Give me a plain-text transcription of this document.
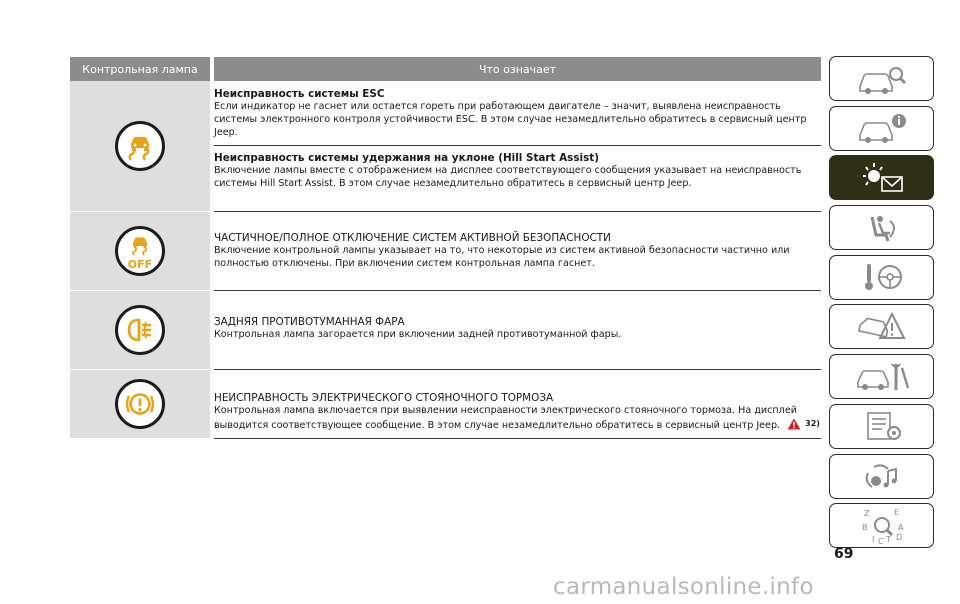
Контрольная лампа	Что означает
Неисправность системы ESC
Если индикатор не гаснет или остается гореть при работающем двигателе – значит, выявлена неисправность системы электронного контроля устойчивости ESC. В этом случае незамедлительно обратитесь в сервисный центр Jeep.
Неисправность системы удержания на уклоне (Hill Start Assist)
Включение лампы вместе с отображением на дисплее соответствующего сообщения указывает на неисправность системы Hill Start Assist. В этом случае незамедлительно обратитесь в сервисный центр Jeep.
OFF
ЧАСТИЧНОЕ/ПОЛНОЕ ОТКЛЮЧЕНИЕ СИСТЕМ АКТИВНОЙ БЕЗОПАСНОСТИ
Включение контрольной лампы указывает на то, что некоторые из систем активной безопасности частично или полностью отключены. При включении систем контрольная лампа гаснет.
ЗАДНЯЯ ПРОТИВОТУМАННАЯ ФАРА
Контрольная лампа загорается при включении задней противотуманной фары.
НЕИСПРАВНОСТЬ ЭЛЕКТРИЧЕСКОГО СТОЯНОЧНОГО ТОРМОЗА
Контрольная лампа включается при выявлении неисправности электрического стояночного тормоза. На дисплей выводится соответствующее сообщение. В этом случае незамедлительно обратитесь в сервисный центр Jeep.	$^{32)}$
Z	E
B	A
I C T D
69
carmanualsonline.info
